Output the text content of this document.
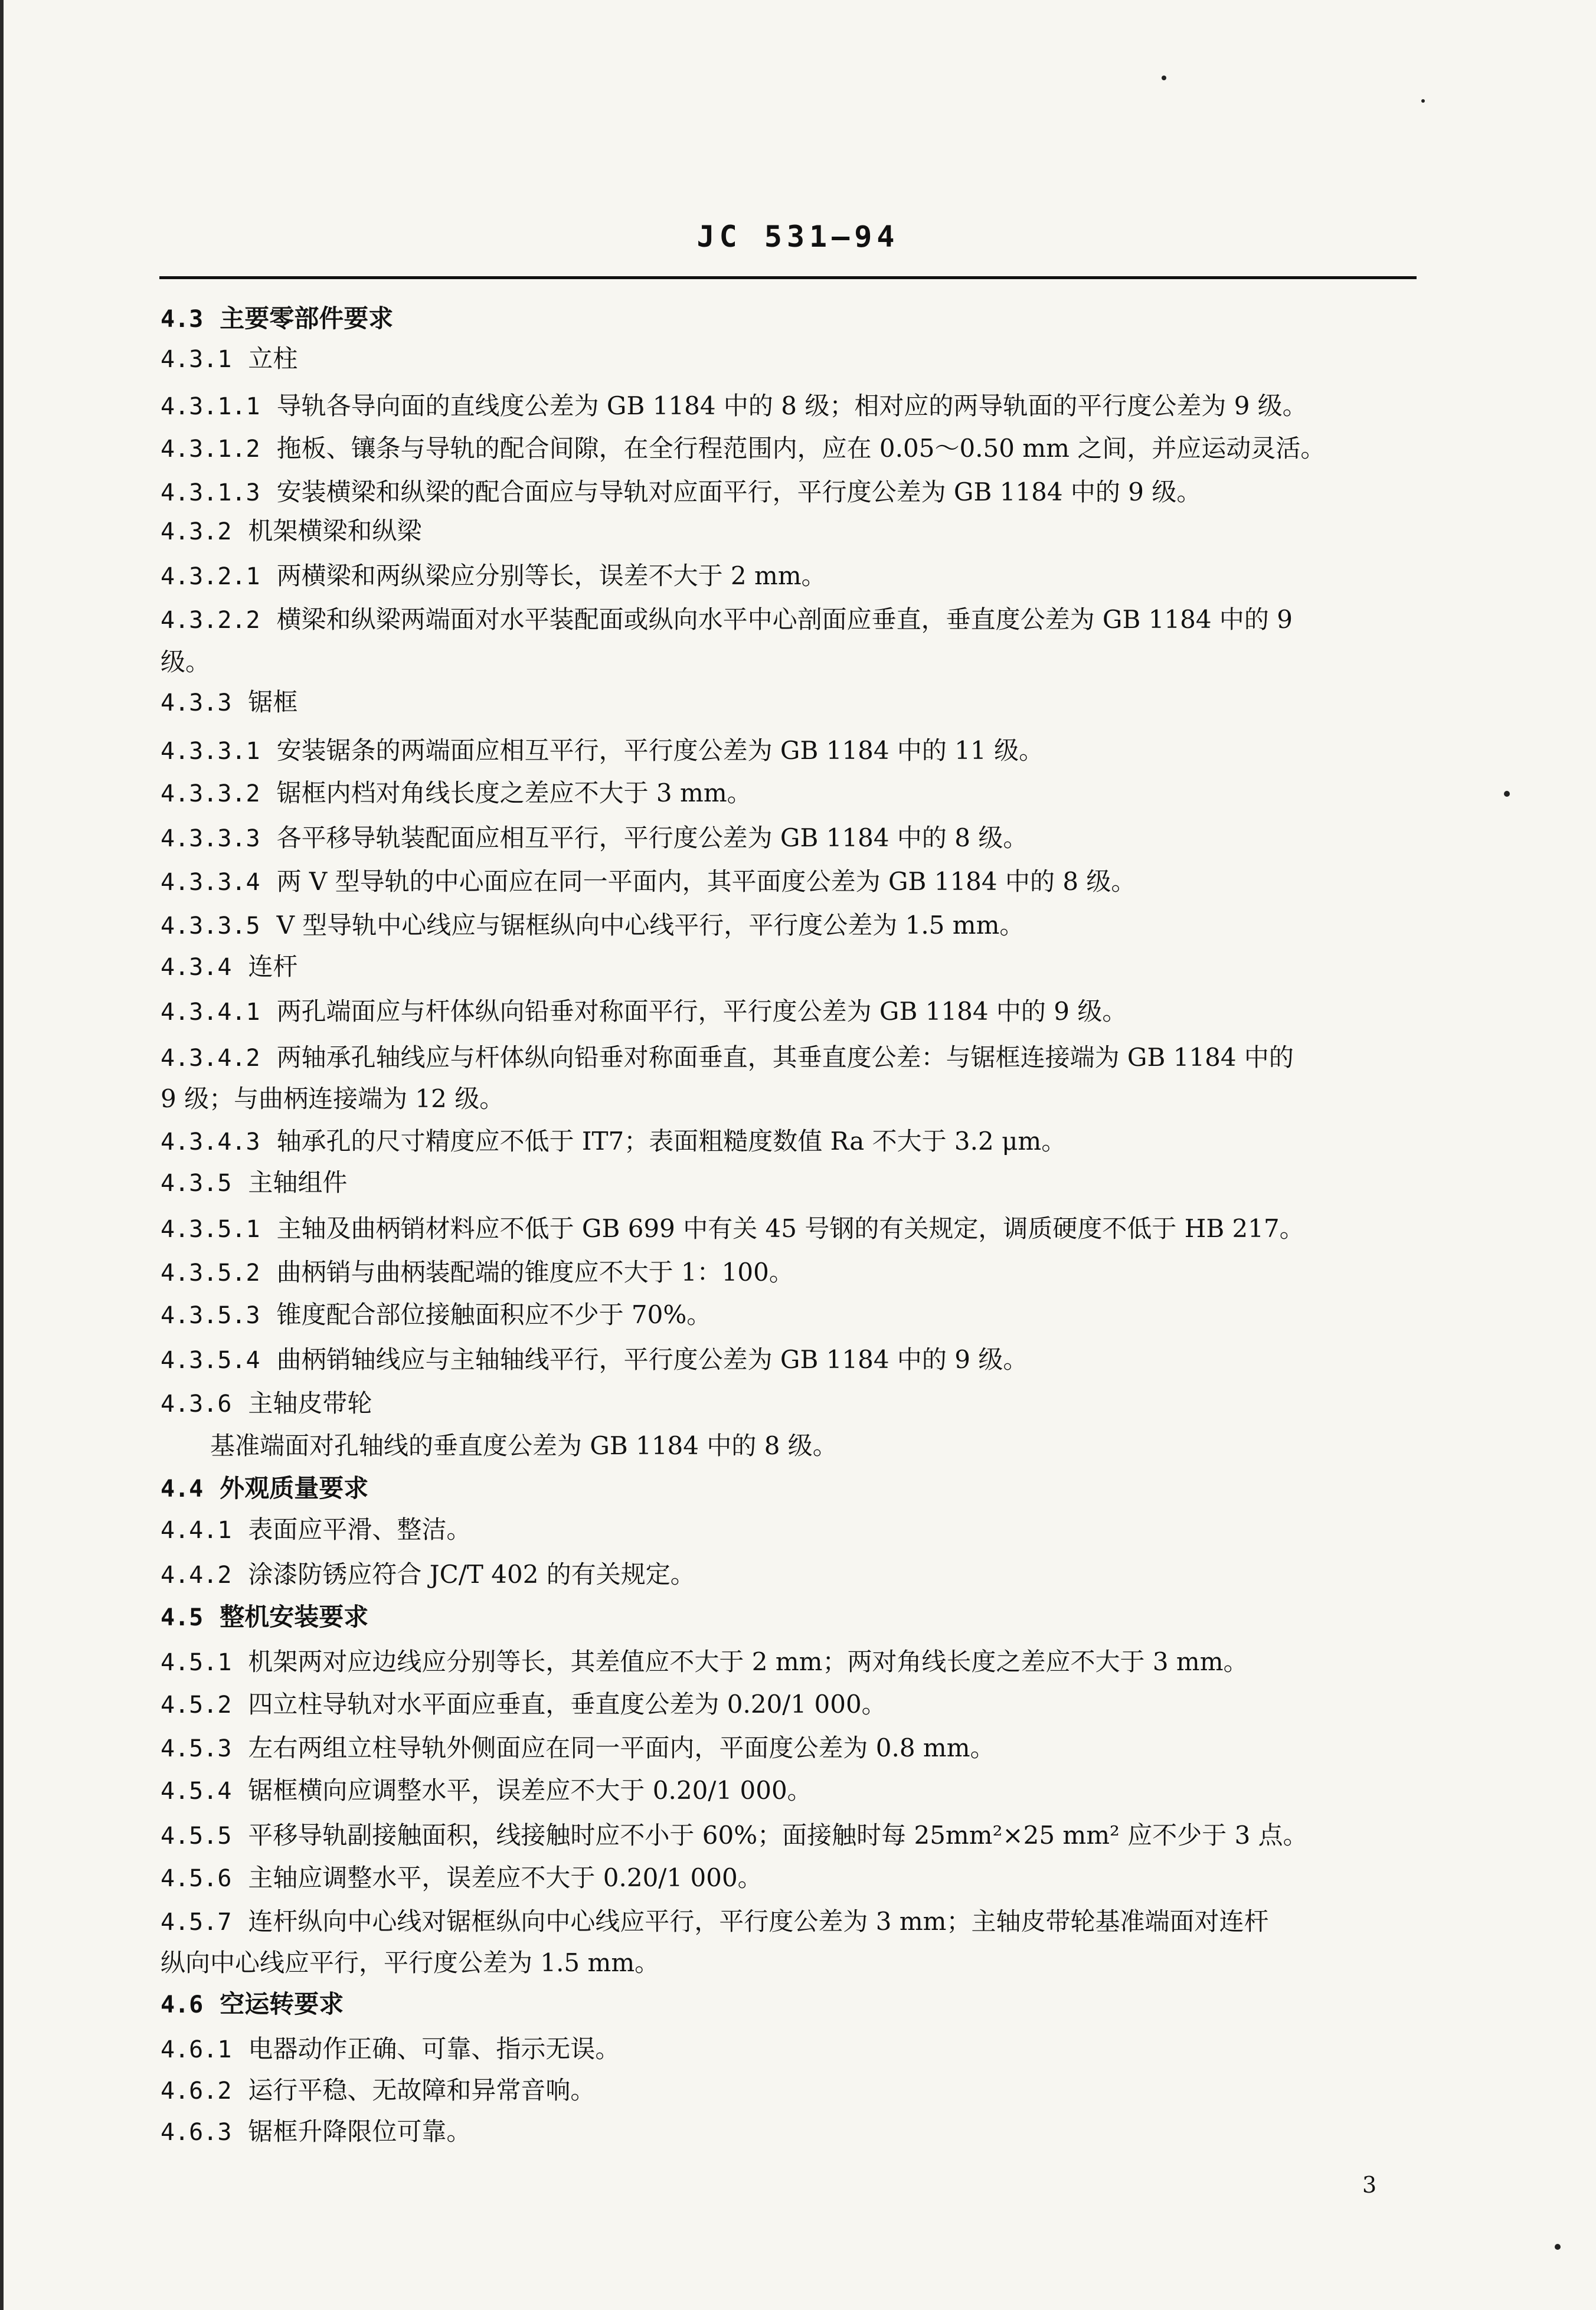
JC 531—94
4.3 主要零部件要求
4.3.1 立柱
4.3.1.1 导轨各导向面的直线度公差为 GB 1184 中的 8 级；相对应的两导轨面的平行度公差为 9 级。
4.3.1.2 拖板、镶条与导轨的配合间隙，在全行程范围内，应在 0.05～0.50 mm 之间，并应运动灵活。
4.3.1.3 安装横梁和纵梁的配合面应与导轨对应面平行，平行度公差为 GB 1184 中的 9 级。
4.3.2 机架横梁和纵梁
4.3.2.1 两横梁和两纵梁应分别等长，误差不大于 2 mm。
4.3.2.2 横梁和纵梁两端面对水平装配面或纵向水平中心剖面应垂直，垂直度公差为 GB 1184 中的 9
级。
4.3.3 锯框
4.3.3.1 安装锯条的两端面应相互平行，平行度公差为 GB 1184 中的 11 级。
4.3.3.2 锯框内档对角线长度之差应不大于 3 mm。
4.3.3.3 各平移导轨装配面应相互平行，平行度公差为 GB 1184 中的 8 级。
4.3.3.4 两 V 型导轨的中心面应在同一平面内，其平面度公差为 GB 1184 中的 8 级。
4.3.3.5 V 型导轨中心线应与锯框纵向中心线平行，平行度公差为 1.5 mm。
4.3.4 连杆
4.3.4.1 两孔端面应与杆体纵向铅垂对称面平行，平行度公差为 GB 1184 中的 9 级。
4.3.4.2 两轴承孔轴线应与杆体纵向铅垂对称面垂直，其垂直度公差：与锯框连接端为 GB 1184 中的
9 级；与曲柄连接端为 12 级。
4.3.4.3 轴承孔的尺寸精度应不低于 IT7；表面粗糙度数值 Ra 不大于 3.2 μm。
4.3.5 主轴组件
4.3.5.1 主轴及曲柄销材料应不低于 GB 699 中有关 45 号钢的有关规定，调质硬度不低于 HB 217。
4.3.5.2 曲柄销与曲柄装配端的锥度应不大于 1：100。
4.3.5.3 锥度配合部位接触面积应不少于 70%。
4.3.5.4 曲柄销轴线应与主轴轴线平行，平行度公差为 GB 1184 中的 9 级。
4.3.6 主轴皮带轮
基准端面对孔轴线的垂直度公差为 GB 1184 中的 8 级。
4.4 外观质量要求
4.4.1 表面应平滑、整洁。
4.4.2 涂漆防锈应符合 JC/T 402 的有关规定。
4.5 整机安装要求
4.5.1 机架两对应边线应分别等长，其差值应不大于 2 mm；两对角线长度之差应不大于 3 mm。
4.5.2 四立柱导轨对水平面应垂直，垂直度公差为 0.20/1 000。
4.5.3 左右两组立柱导轨外侧面应在同一平面内，平面度公差为 0.8 mm。
4.5.4 锯框横向应调整水平，误差应不大于 0.20/1 000。
4.5.5 平移导轨副接触面积，线接触时应不小于 60%；面接触时每 25mm²×25 mm² 应不少于 3 点。
4.5.6 主轴应调整水平，误差应不大于 0.20/1 000。
4.5.7 连杆纵向中心线对锯框纵向中心线应平行，平行度公差为 3 mm；主轴皮带轮基准端面对连杆
纵向中心线应平行，平行度公差为 1.5 mm。
4.6 空运转要求
4.6.1 电器动作正确、可靠、指示无误。
4.6.2 运行平稳、无故障和异常音响。
4.6.3 锯框升降限位可靠。
3
